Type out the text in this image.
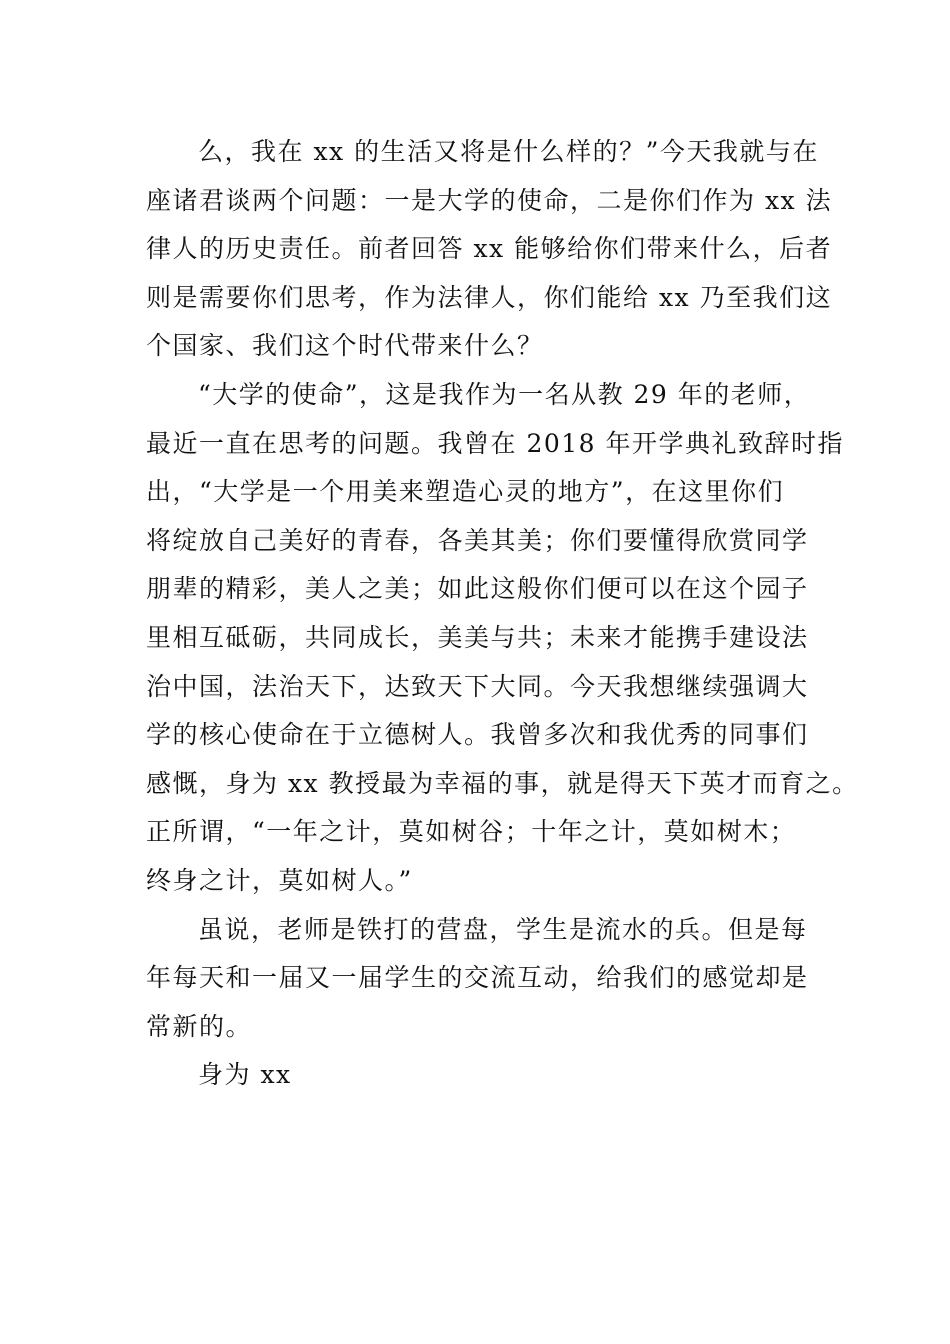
么，我在 xx 的生活又将是什么样的？”今天我就与在
座诸君谈两个问题：一是大学的使命，二是你们作为 xx 法
律人的历史责任。前者回答 xx 能够给你们带来什么，后者
则是需要你们思考，作为法律人，你们能给 xx 乃至我们这
个国家、我们这个时代带来什么？
“大学的使命”，这是我作为一名从教 29 年的老师，
最近一直在思考的问题。我曾在 2018 年开学典礼致辞时指
出，“大学是一个用美来塑造心灵的地方”，在这里你们
将绽放自己美好的青春，各美其美；你们要懂得欣赏同学
朋辈的精彩，美人之美；如此这般你们便可以在这个园子
里相互砥砺，共同成长，美美与共；未来才能携手建设法
治中国，法治天下，达致天下大同。今天我想继续强调大
学的核心使命在于立德树人。我曾多次和我优秀的同事们
感慨，身为 xx 教授最为幸福的事，就是得天下英才而育之。
正所谓，“一年之计，莫如树谷；十年之计，莫如树木；
终身之计，莫如树人。”
虽说，老师是铁打的营盘，学生是流水的兵。但是每
年每天和一届又一届学生的交流互动，给我们的感觉却是
常新的。
身为 xx
